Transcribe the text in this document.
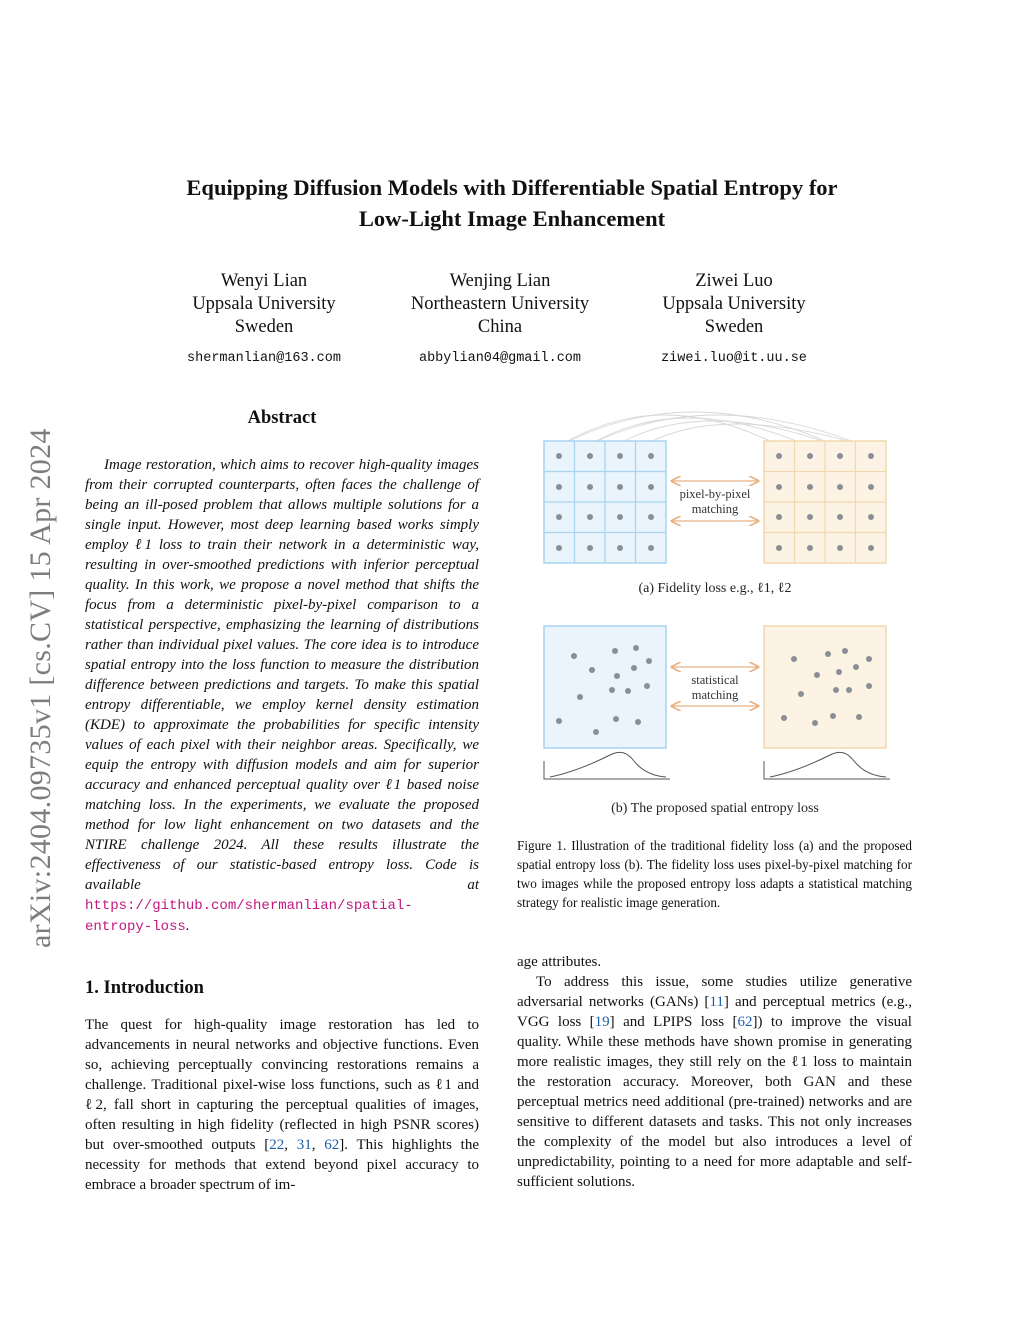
Equipping Diffusion Models with Differentiable Spatial Entropy for
Low-Light Image Enhancement
Wenyi Lian
Uppsala University
Sweden
shermanlian@163.com
Wenjing Lian
Northeastern University
China
abbylian04@gmail.com
Ziwei Luo
Uppsala University
Sweden
ziwei.luo@it.uu.se
arXiv:2404.09735v1 [cs.CV] 15 Apr 2024
Abstract
Image restoration, which aims to recover high-quality images from their corrupted counterparts, often faces the challenge of being an ill-posed problem that allows multiple solutions for a single input. However, most deep learning based works simply employ ℓ1 loss to train their network in a deterministic way, resulting in over-smoothed predictions with inferior perceptual quality. In this work, we propose a novel method that shifts the focus from a deterministic pixel-by-pixel comparison to a statistical perspective, emphasizing the learning of distributions rather than individual pixel values. The core idea is to introduce spatial entropy into the loss function to measure the distribution difference between predictions and targets. To make this spatial entropy differentiable, we employ kernel density estimation (KDE) to approximate the probabilities for specific intensity values of each pixel with their neighbor areas. Specifically, we equip the entropy with diffusion models and aim for superior accuracy and enhanced perceptual quality over ℓ1 based noise matching loss. In the experiments, we evaluate the proposed method for low light enhancement on two datasets and the NTIRE challenge 2024. All these results illustrate the effectiveness of our statistic-based entropy loss. Code is available at https://github.com/shermanlian/spatial-entropy-loss.
1. Introduction
The quest for high-quality image restoration has led to advancements in neural networks and objective functions. Even so, achieving perceptually convincing restorations remains a challenge. Traditional pixel-wise loss functions, such as ℓ1 and ℓ2, fall short in capturing the perceptual qualities of images, often resulting in high fidelity (reflected in high PSNR scores) but over-smoothed outputs [22, 31, 62]. This highlights the necessity for methods that extend beyond pixel accuracy to embrace a broader spectrum of im-
age attributes.
To address this issue, some studies utilize generative adversarial networks (GANs) [11] and perceptual metrics (e.g., VGG loss [19] and LPIPS loss [62]) to improve the visual quality. While these methods have shown promise in generating more realistic images, they still rely on the ℓ1 loss to maintain the restoration accuracy. Moreover, both GAN and these perceptual metrics need additional (pre-trained) networks and are sensitive to different datasets and tasks. This not only increases the complexity of the model but also introduces a level of unpredictability, pointing to a need for more adaptable and self-sufficient solutions.
pixel-by-pixel
matching
(a) Fidelity loss e.g., ℓ1, ℓ2
statistical
matching
(b) The proposed spatial entropy loss
Figure 1. Illustration of the traditional fidelity loss (a) and the proposed spatial entropy loss (b). The fidelity loss uses pixel-by-pixel matching for two images while the proposed entropy loss adapts a statistical matching strategy for realistic image generation.
